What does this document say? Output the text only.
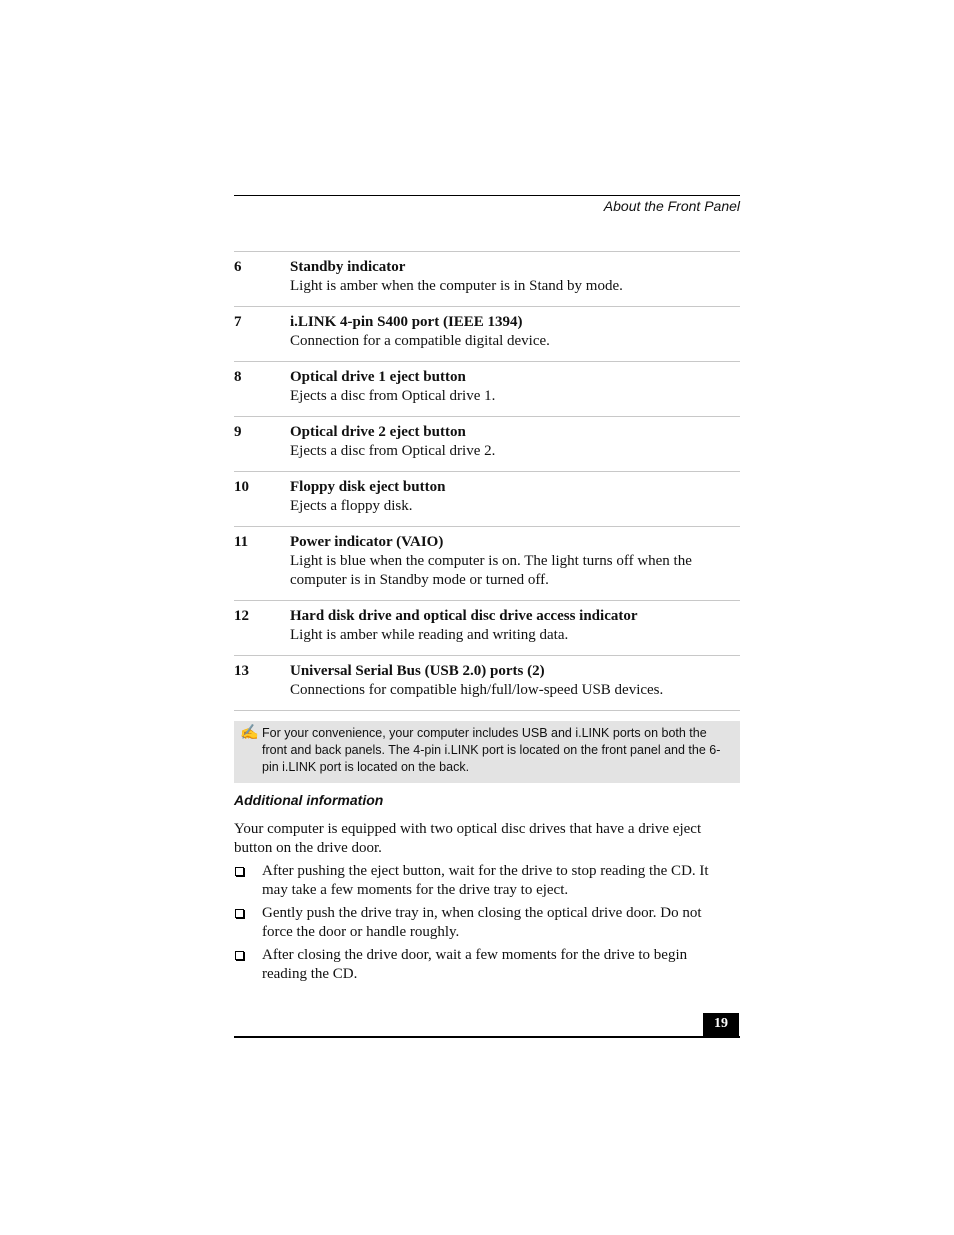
About the Front Panel
6	Standby indicator
Light is amber when the computer is in Stand by mode.
7	i.LINK 4-pin S400 port (IEEE 1394)
Connection for a compatible digital device.
8	Optical drive 1 eject button
Ejects a disc from Optical drive 1.
9	Optical drive 2 eject button
Ejects a disc from Optical drive 2.
10	Floppy disk eject button
Ejects a floppy disk.
11	Power indicator (VAIO)
Light is blue when the computer is on. The light turns off when the computer is in Standby mode or turned off.
12	Hard disk drive and optical disc drive access indicator
Light is amber while reading and writing data.
13	Universal Serial Bus (USB 2.0) ports (2)
Connections for compatible high/full/low-speed USB devices.
✍ For your convenience, your computer includes USB and i.LINK ports on both the front and back panels. The 4-pin i.LINK port is located on the front panel and the 6-pin i.LINK port is located on the back.
Additional information
Your computer is equipped with two optical disc drives that have a drive eject button on the drive door.
After pushing the eject button, wait for the drive to stop reading the CD. It may take a few moments for the drive tray to eject.
Gently push the drive tray in, when closing the optical drive door. Do not force the door or handle roughly.
After closing the drive door, wait a few moments for the drive to begin reading the CD.
19
